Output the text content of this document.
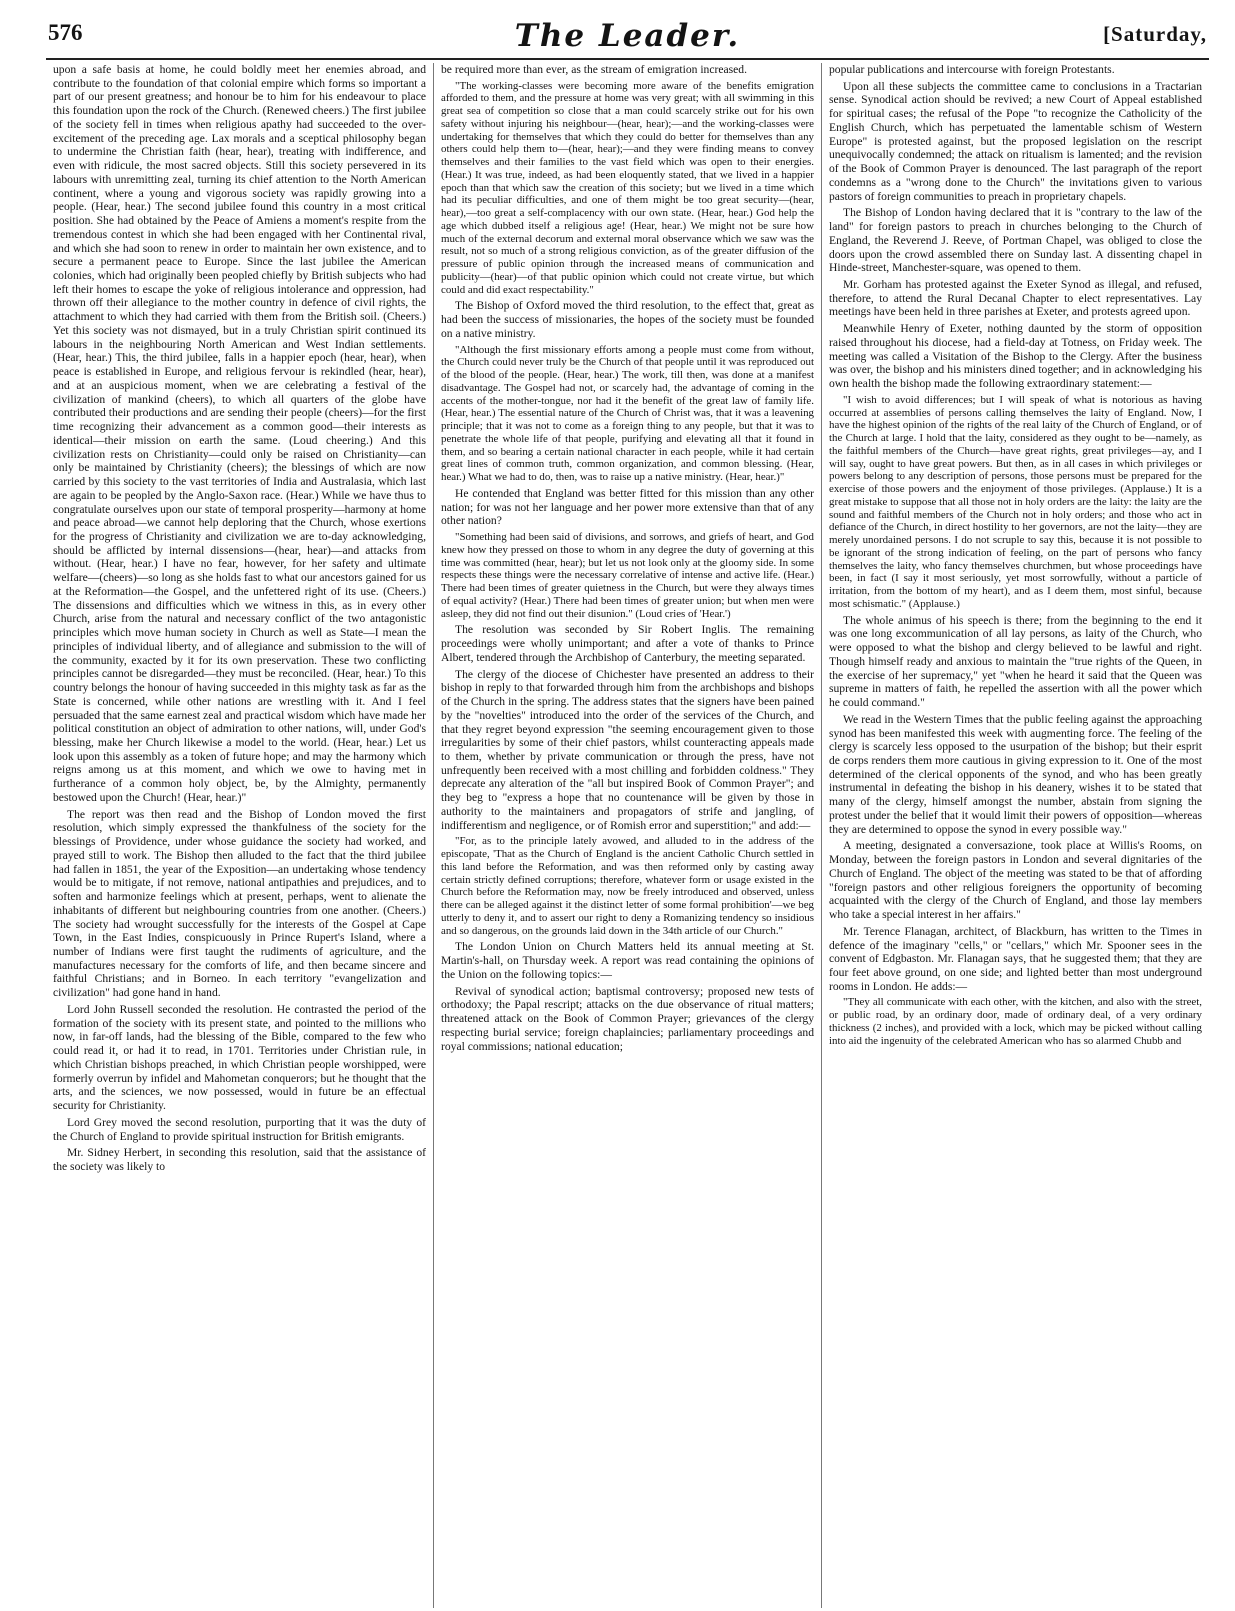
576	The Leader.	[Saturday,

upon a safe basis at home, he could boldly meet her enemies abroad, and contribute to the foundation of that colonial empire which forms so important a part of our present greatness; and honour be to him for his endeavour to place this foundation upon the rock of the Church. (Renewed cheers.) The first jubilee of the society fell in times when religious apathy had succeeded to the over-excitement of the preceding age. Lax morals and a sceptical philosophy began to undermine the Christian faith (hear, hear), treating with indifference, and even with ridicule, the most sacred objects. Still this society persevered in its labours with unremitting zeal, turning its chief attention to the North American continent, where a young and vigorous society was rapidly growing into a people. (Hear, hear.) The second jubilee found this country in a most critical position. She had obtained by the Peace of Amiens a moment's respite from the tremendous contest in which she had been engaged with her Continental rival, and which she had soon to renew in order to maintain her own existence, and to secure a permanent peace to Europe. Since the last jubilee the American colonies, which had originally been peopled chiefly by British subjects who had left their homes to escape the yoke of religious intolerance and oppression, had thrown off their allegiance to the mother country in defence of civil rights, the attachment to which they had carried with them from the British soil. (Cheers.) Yet this society was not dismayed, but in a truly Christian spirit continued its labours in the neighbouring North American and West Indian settlements. (Hear, hear.) This, the third jubilee, falls in a happier epoch (hear, hear), when peace is established in Europe, and religious fervour is rekindled (hear, hear), and at an auspicious moment, when we are celebrating a festival of the civilization of mankind (cheers), to which all quarters of the globe have contributed their productions and are sending their people (cheers)—for the first time recognizing their advancement as a common good—their interests as identical—their mission on earth the same. (Loud cheering.) And this civilization rests on Christianity—could only be raised on Christianity—can only be maintained by Christianity (cheers); the blessings of which are now carried by this society to the vast territories of India and Australasia, which last are again to be peopled by the Anglo-Saxon race. (Hear.) While we have thus to congratulate ourselves upon our state of temporal prosperity—harmony at home and peace abroad—we cannot help deploring that the Church, whose exertions for the progress of Christianity and civilization we are to-day acknowledging, should be afflicted by internal dissensions—(hear, hear)—and attacks from without. (Hear, hear.) I have no fear, however, for her safety and ultimate welfare—(cheers)—so long as she holds fast to what our ancestors gained for us at the Reformation—the Gospel, and the unfettered right of its use. (Cheers.) The dissensions and difficulties which we witness in this, as in every other Church, arise from the natural and necessary conflict of the two antagonistic principles which move human society in Church as well as State—I mean the principles of individual liberty, and of allegiance and submission to the will of the community, exacted by it for its own preservation. These two conflicting principles cannot be disregarded—they must be reconciled. (Hear, hear.) To this country belongs the honour of having succeeded in this mighty task as far as the State is concerned, while other nations are wrestling with it. And I feel persuaded that the same earnest zeal and practical wisdom which have made her political constitution an object of admiration to other nations, will, under God's blessing, make her Church likewise a model to the world. (Hear, hear.) Let us look upon this assembly as a token of future hope; and may the harmony which reigns among us at this moment, and which we owe to having met in furtherance of a common holy object, be, by the Almighty, permanently bestowed upon the Church! (Hear, hear.)"

The report was then read and the Bishop of London moved the first resolution, which simply expressed the thankfulness of the society for the blessings of Providence, under whose guidance the society had worked, and prayed still to work. The Bishop then alluded to the fact that the third jubilee had fallen in 1851, the year of the Exposition—an undertaking whose tendency would be to mitigate, if not remove, national antipathies and prejudices, and to soften and harmonize feelings which at present, perhaps, went to alienate the inhabitants of different but neighbouring countries from one another. (Cheers.) The society had wrought successfully for the interests of the Gospel at Cape Town, in the East Indies, conspicuously in Prince Rupert's Island, where a number of Indians were first taught the rudiments of agriculture, and the manufactures necessary for the comforts of life, and then became sincere and faithful Christians; and in Borneo. In each territory "evangelization and civilization" had gone hand in hand.

Lord John Russell seconded the resolution. He contrasted the period of the formation of the society with its present state, and pointed to the millions who now, in far-off lands, had the blessing of the Bible, compared to the few who could read it, or had it to read, in 1701. Territories under Christian rule, in which Christian bishops preached, in which Christian people worshipped, were formerly overrun by infidel and Mahometan conquerors; but he thought that the arts, and the sciences, we now possessed, would in future be an effectual security for Christianity.

Lord Grey moved the second resolution, purporting that it was the duty of the Church of England to provide spiritual instruction for British emigrants.

Mr. Sidney Herbert, in seconding this resolution, said that the assistance of the society was likely to

be required more than ever, as the stream of emigration increased.

"The working-classes were becoming more aware of the benefits emigration afforded to them, and the pressure at home was very great; with all swimming in this great sea of competition so close that a man could scarcely strike out for his own safety without injuring his neighbour—(hear, hear);—and the working-classes were undertaking for themselves that which they could do better for themselves than any others could help them to—(hear, hear);—and they were finding means to convey themselves and their families to the vast field which was open to their energies. (Hear.) It was true, indeed, as had been eloquently stated, that we lived in a happier epoch than that which saw the creation of this society; but we lived in a time which had its peculiar difficulties, and one of them might be too great security—(hear, hear),—too great a self-complacency with our own state. (Hear, hear.) God help the age which dubbed itself a religious age! (Hear, hear.) We might not be sure how much of the external decorum and external moral observance which we saw was the result, not so much of a strong religious conviction, as of the greater diffusion of the pressure of public opinion through the increased means of communication and publicity—(hear)—of that public opinion which could not create virtue, but which could and did exact respectability."

The Bishop of Oxford moved the third resolution, to the effect that, great as had been the success of missionaries, the hopes of the society must be founded on a native ministry.

"Although the first missionary efforts among a people must come from without, the Church could never truly be the Church of that people until it was reproduced out of the blood of the people. (Hear, hear.) The work, till then, was done at a manifest disadvantage. The Gospel had not, or scarcely had, the advantage of coming in the accents of the mother-tongue, nor had it the benefit of the great law of family life. (Hear, hear.) The essential nature of the Church of Christ was, that it was a leavening principle; that it was not to come as a foreign thing to any people, but that it was to penetrate the whole life of that people, purifying and elevating all that it found in them, and so bearing a certain national character in each people, while it had certain great lines of common truth, common organization, and common blessing. (Hear, hear.) What we had to do, then, was to raise up a native ministry. (Hear, hear.)"

He contended that England was better fitted for this mission than any other nation; for was not her language and her power more extensive than that of any other nation?

"Something had been said of divisions, and sorrows, and griefs of heart, and God knew how they pressed on those to whom in any degree the duty of governing at this time was committed (hear, hear); but let us not look only at the gloomy side. In some respects these things were the necessary correlative of intense and active life. (Hear.) There had been times of greater quietness in the Church, but were they always times of equal activity? (Hear.) There had been times of greater union; but when men were asleep, they did not find out their disunion." (Loud cries of 'Hear.')

The resolution was seconded by Sir Robert Inglis. The remaining proceedings were wholly unimportant; and after a vote of thanks to Prince Albert, tendered through the Archbishop of Canterbury, the meeting separated.

The clergy of the diocese of Chichester have presented an address to their bishop in reply to that forwarded through him from the archbishops and bishops of the Church in the spring. The address states that the signers have been pained by the "novelties" introduced into the order of the services of the Church, and that they regret beyond expression "the seeming encouragement given to those irregularities by some of their chief pastors, whilst counteracting appeals made to them, whether by private communication or through the press, have not unfrequently been received with a most chilling and forbidden coldness." They deprecate any alteration of the "all but inspired Book of Common Prayer"; and they beg to "express a hope that no countenance will be given by those in authority to the maintainers and propagators of strife and jangling, of indifferentism and negligence, or of Romish error and superstition;" and add:—

"For, as to the principle lately avowed, and alluded to in the address of the episcopate, 'That as the Church of England is the ancient Catholic Church settled in this land before the Reformation, and was then reformed only by casting away certain strictly defined corruptions; therefore, whatever form or usage existed in the Church before the Reformation may, now be freely introduced and observed, unless there can be alleged against it the distinct letter of some formal prohibition'—we beg utterly to deny it, and to assert our right to deny a Romanizing tendency so insidious and so dangerous, on the grounds laid down in the 34th article of our Church."

The London Union on Church Matters held its annual meeting at St. Martin's-hall, on Thursday week. A report was read containing the opinions of the Union on the following topics:—

Revival of synodical action; baptismal controversy; proposed new tests of orthodoxy; the Papal rescript; attacks on the due observance of ritual matters; threatened attack on the Book of Common Prayer; grievances of the clergy respecting burial service; foreign chaplaincies; parliamentary proceedings and royal commissions; national education;

popular publications and intercourse with foreign Protestants.

Upon all these subjects the committee came to conclusions in a Tractarian sense. Synodical action should be revived; a new Court of Appeal established for spiritual cases; the refusal of the Pope "to recognize the Catholicity of the English Church, which has perpetuated the lamentable schism of Western Europe" is protested against, but the proposed legislation on the rescript unequivocally condemned; the attack on ritualism is lamented; and the revision of the Book of Common Prayer is denounced. The last paragraph of the report condemns as a "wrong done to the Church" the invitations given to various pastors of foreign communities to preach in proprietary chapels.

The Bishop of London having declared that it is "contrary to the law of the land" for foreign pastors to preach in churches belonging to the Church of England, the Reverend J. Reeve, of Portman Chapel, was obliged to close the doors upon the crowd assembled there on Sunday last. A dissenting chapel in Hinde-street, Manchester-square, was opened to them.

Mr. Gorham has protested against the Exeter Synod as illegal, and refused, therefore, to attend the Rural Decanal Chapter to elect representatives. Lay meetings have been held in three parishes at Exeter, and protests agreed upon.

Meanwhile Henry of Exeter, nothing daunted by the storm of opposition raised throughout his diocese, had a field-day at Totness, on Friday week. The meeting was called a Visitation of the Bishop to the Clergy. After the business was over, the bishop and his ministers dined together; and in acknowledging his own health the bishop made the following extraordinary statement:—

"I wish to avoid differences; but I will speak of what is notorious as having occurred at assemblies of persons calling themselves the laity of England. Now, I have the highest opinion of the rights of the real laity of the Church of England, or of the Church at large. I hold that the laity, considered as they ought to be—namely, as the faithful members of the Church—have great rights, great privileges—ay, and I will say, ought to have great powers. But then, as in all cases in which privileges or powers belong to any description of persons, those persons must be prepared for the exercise of those powers and the enjoyment of those privileges. (Applause.) It is a great mistake to suppose that all those not in holy orders are the laity: the laity are the sound and faithful members of the Church not in holy orders; and those who act in defiance of the Church, in direct hostility to her governors, are not the laity—they are merely unordained persons. I do not scruple to say this, because it is not possible to be ignorant of the strong indication of feeling, on the part of persons who fancy themselves the laity, who fancy themselves churchmen, but whose proceedings have been, in fact (I say it most seriously, yet most sorrowfully, without a particle of irritation, from the bottom of my heart), and as I deem them, most sinful, because most schismatic." (Applause.)

The whole animus of his speech is there; from the beginning to the end it was one long excommunication of all lay persons, as laity of the Church, who were opposed to what the bishop and clergy believed to be lawful and right. Though himself ready and anxious to maintain the "true rights of the Queen, in the exercise of her supremacy," yet "when he heard it said that the Queen was supreme in matters of faith, he repelled the assertion with all the power which he could command."

We read in the Western Times that the public feeling against the approaching synod has been manifested this week with augmenting force. The feeling of the clergy is scarcely less opposed to the usurpation of the bishop; but their esprit de corps renders them more cautious in giving expression to it. One of the most determined of the clerical opponents of the synod, and who has been greatly instrumental in defeating the bishop in his deanery, wishes it to be stated that many of the clergy, himself amongst the number, abstain from signing the protest under the belief that it would limit their powers of opposition—whereas they are determined to oppose the synod in every possible way."

A meeting, designated a conversazione, took place at Willis's Rooms, on Monday, between the foreign pastors in London and several dignitaries of the Church of England. The object of the meeting was stated to be that of affording "foreign pastors and other religious foreigners the opportunity of becoming acquainted with the clergy of the Church of England, and those lay members who take a special interest in her affairs."

Mr. Terence Flanagan, architect, of Blackburn, has written to the Times in defence of the imaginary "cells," or "cellars," which Mr. Spooner sees in the convent of Edgbaston. Mr. Flanagan says, that he suggested them; that they are four feet above ground, on one side; and lighted better than most underground rooms in London. He adds:—

"They all communicate with each other, with the kitchen, and also with the street, or public road, by an ordinary door, made of ordinary deal, of a very ordinary thickness (2 inches), and provided with a lock, which may be picked without calling into aid the ingenuity of the celebrated American who has so alarmed Chubb and
